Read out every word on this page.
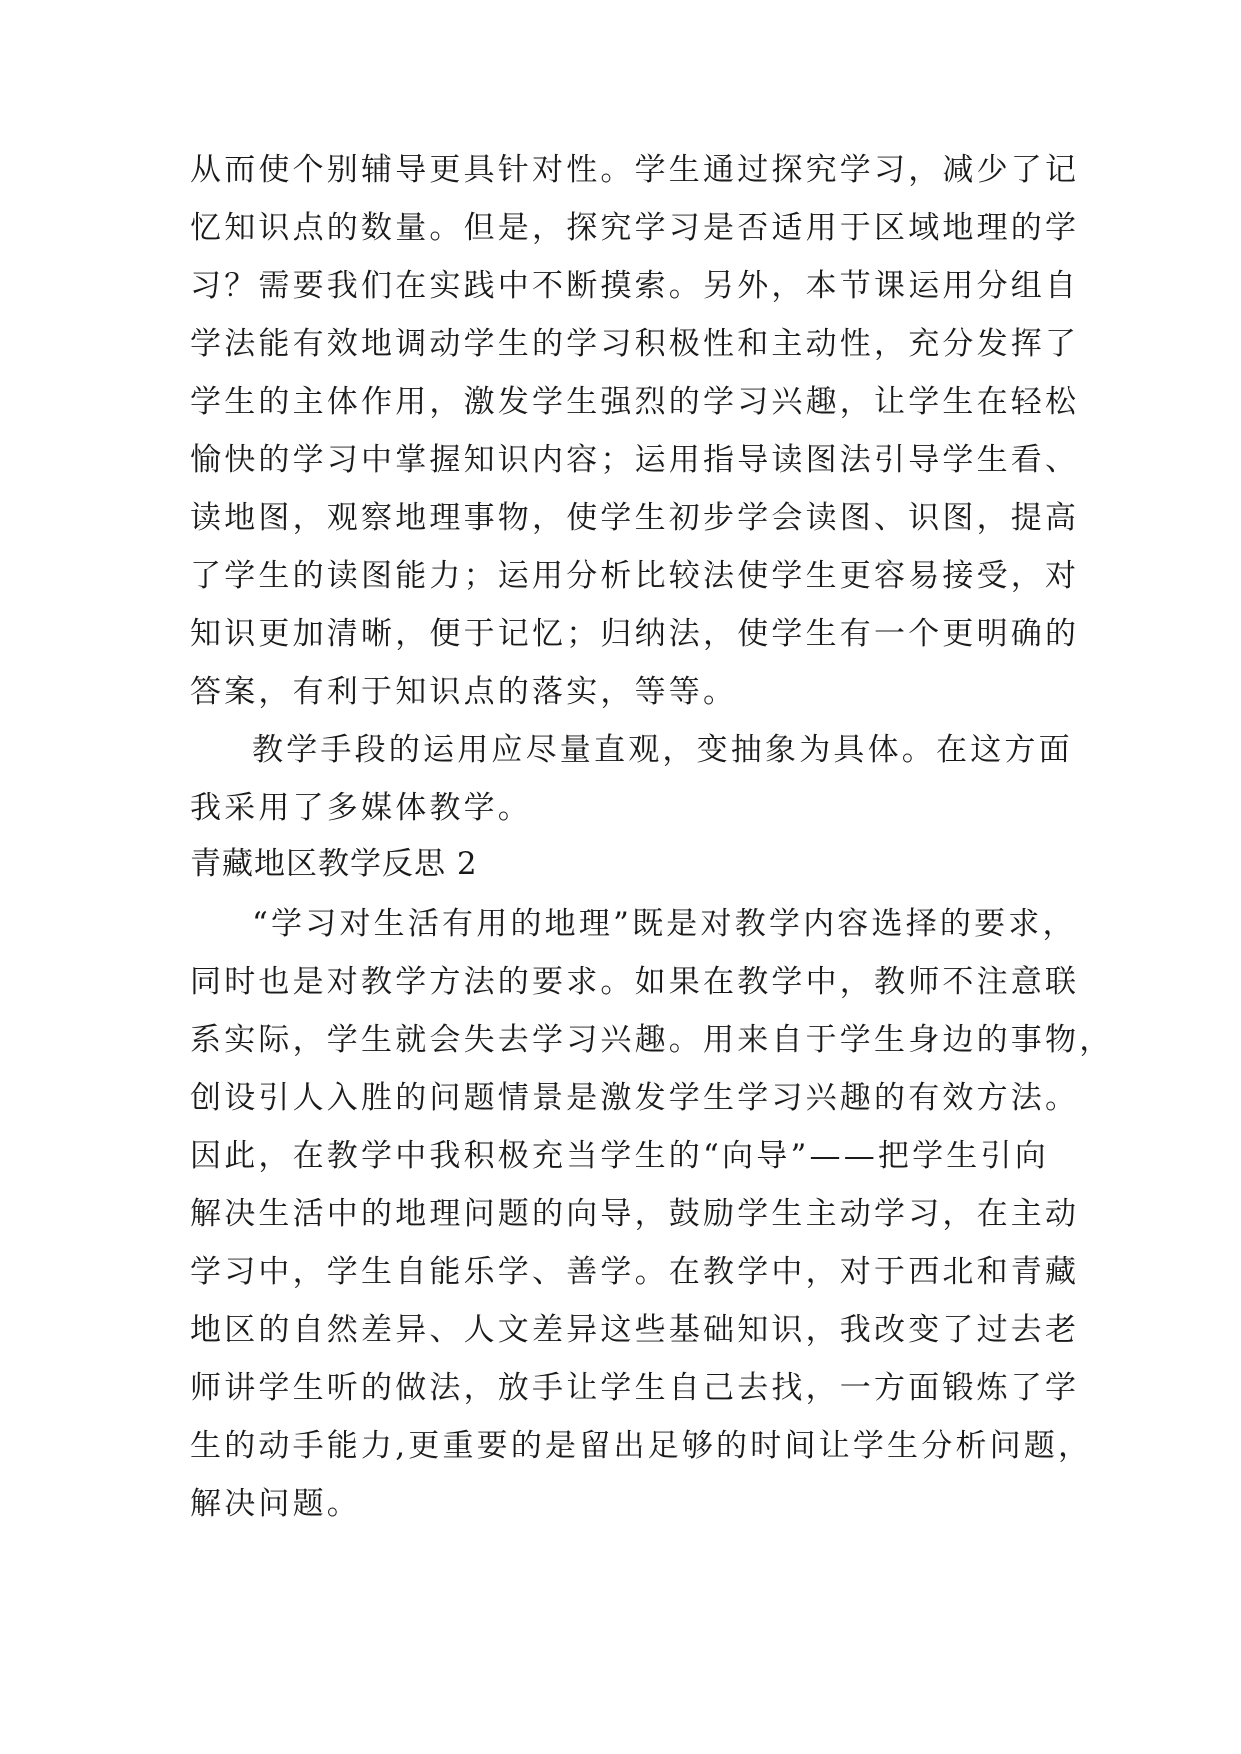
从而使个别辅导更具针对性。学生通过探究学习，减少了记
忆知识点的数量。但是，探究学习是否适用于区域地理的学
习？需要我们在实践中不断摸索。另外，本节课运用分组自
学法能有效地调动学生的学习积极性和主动性，充分发挥了
学生的主体作用，激发学生强烈的学习兴趣，让学生在轻松
愉快的学习中掌握知识内容；运用指导读图法引导学生看、
读地图，观察地理事物，使学生初步学会读图、识图，提高
了学生的读图能力；运用分析比较法使学生更容易接受，对
知识更加清晰，便于记忆；归纳法，使学生有一个更明确的
答案，有利于知识点的落实，等等。
教学手段的运用应尽量直观，变抽象为具体。在这方面
我采用了多媒体教学。
青藏地区教学反思 2
“学习对生活有用的地理”既是对教学内容选择的要求，
同时也是对教学方法的要求。如果在教学中，教师不注意联
系实际，学生就会失去学习兴趣。用来自于学生身边的事物，
创设引人入胜的问题情景是激发学生学习兴趣的有效方法。
因此，在教学中我积极充当学生的“向导”——把学生引向
解决生活中的地理问题的向导，鼓励学生主动学习，在主动
学习中，学生自能乐学、善学。在教学中，对于西北和青藏
地区的自然差异、人文差异这些基础知识，我改变了过去老
师讲学生听的做法，放手让学生自己去找，一方面锻炼了学
生的动手能力,更重要的是留出足够的时间让学生分析问题，
解决问题。
